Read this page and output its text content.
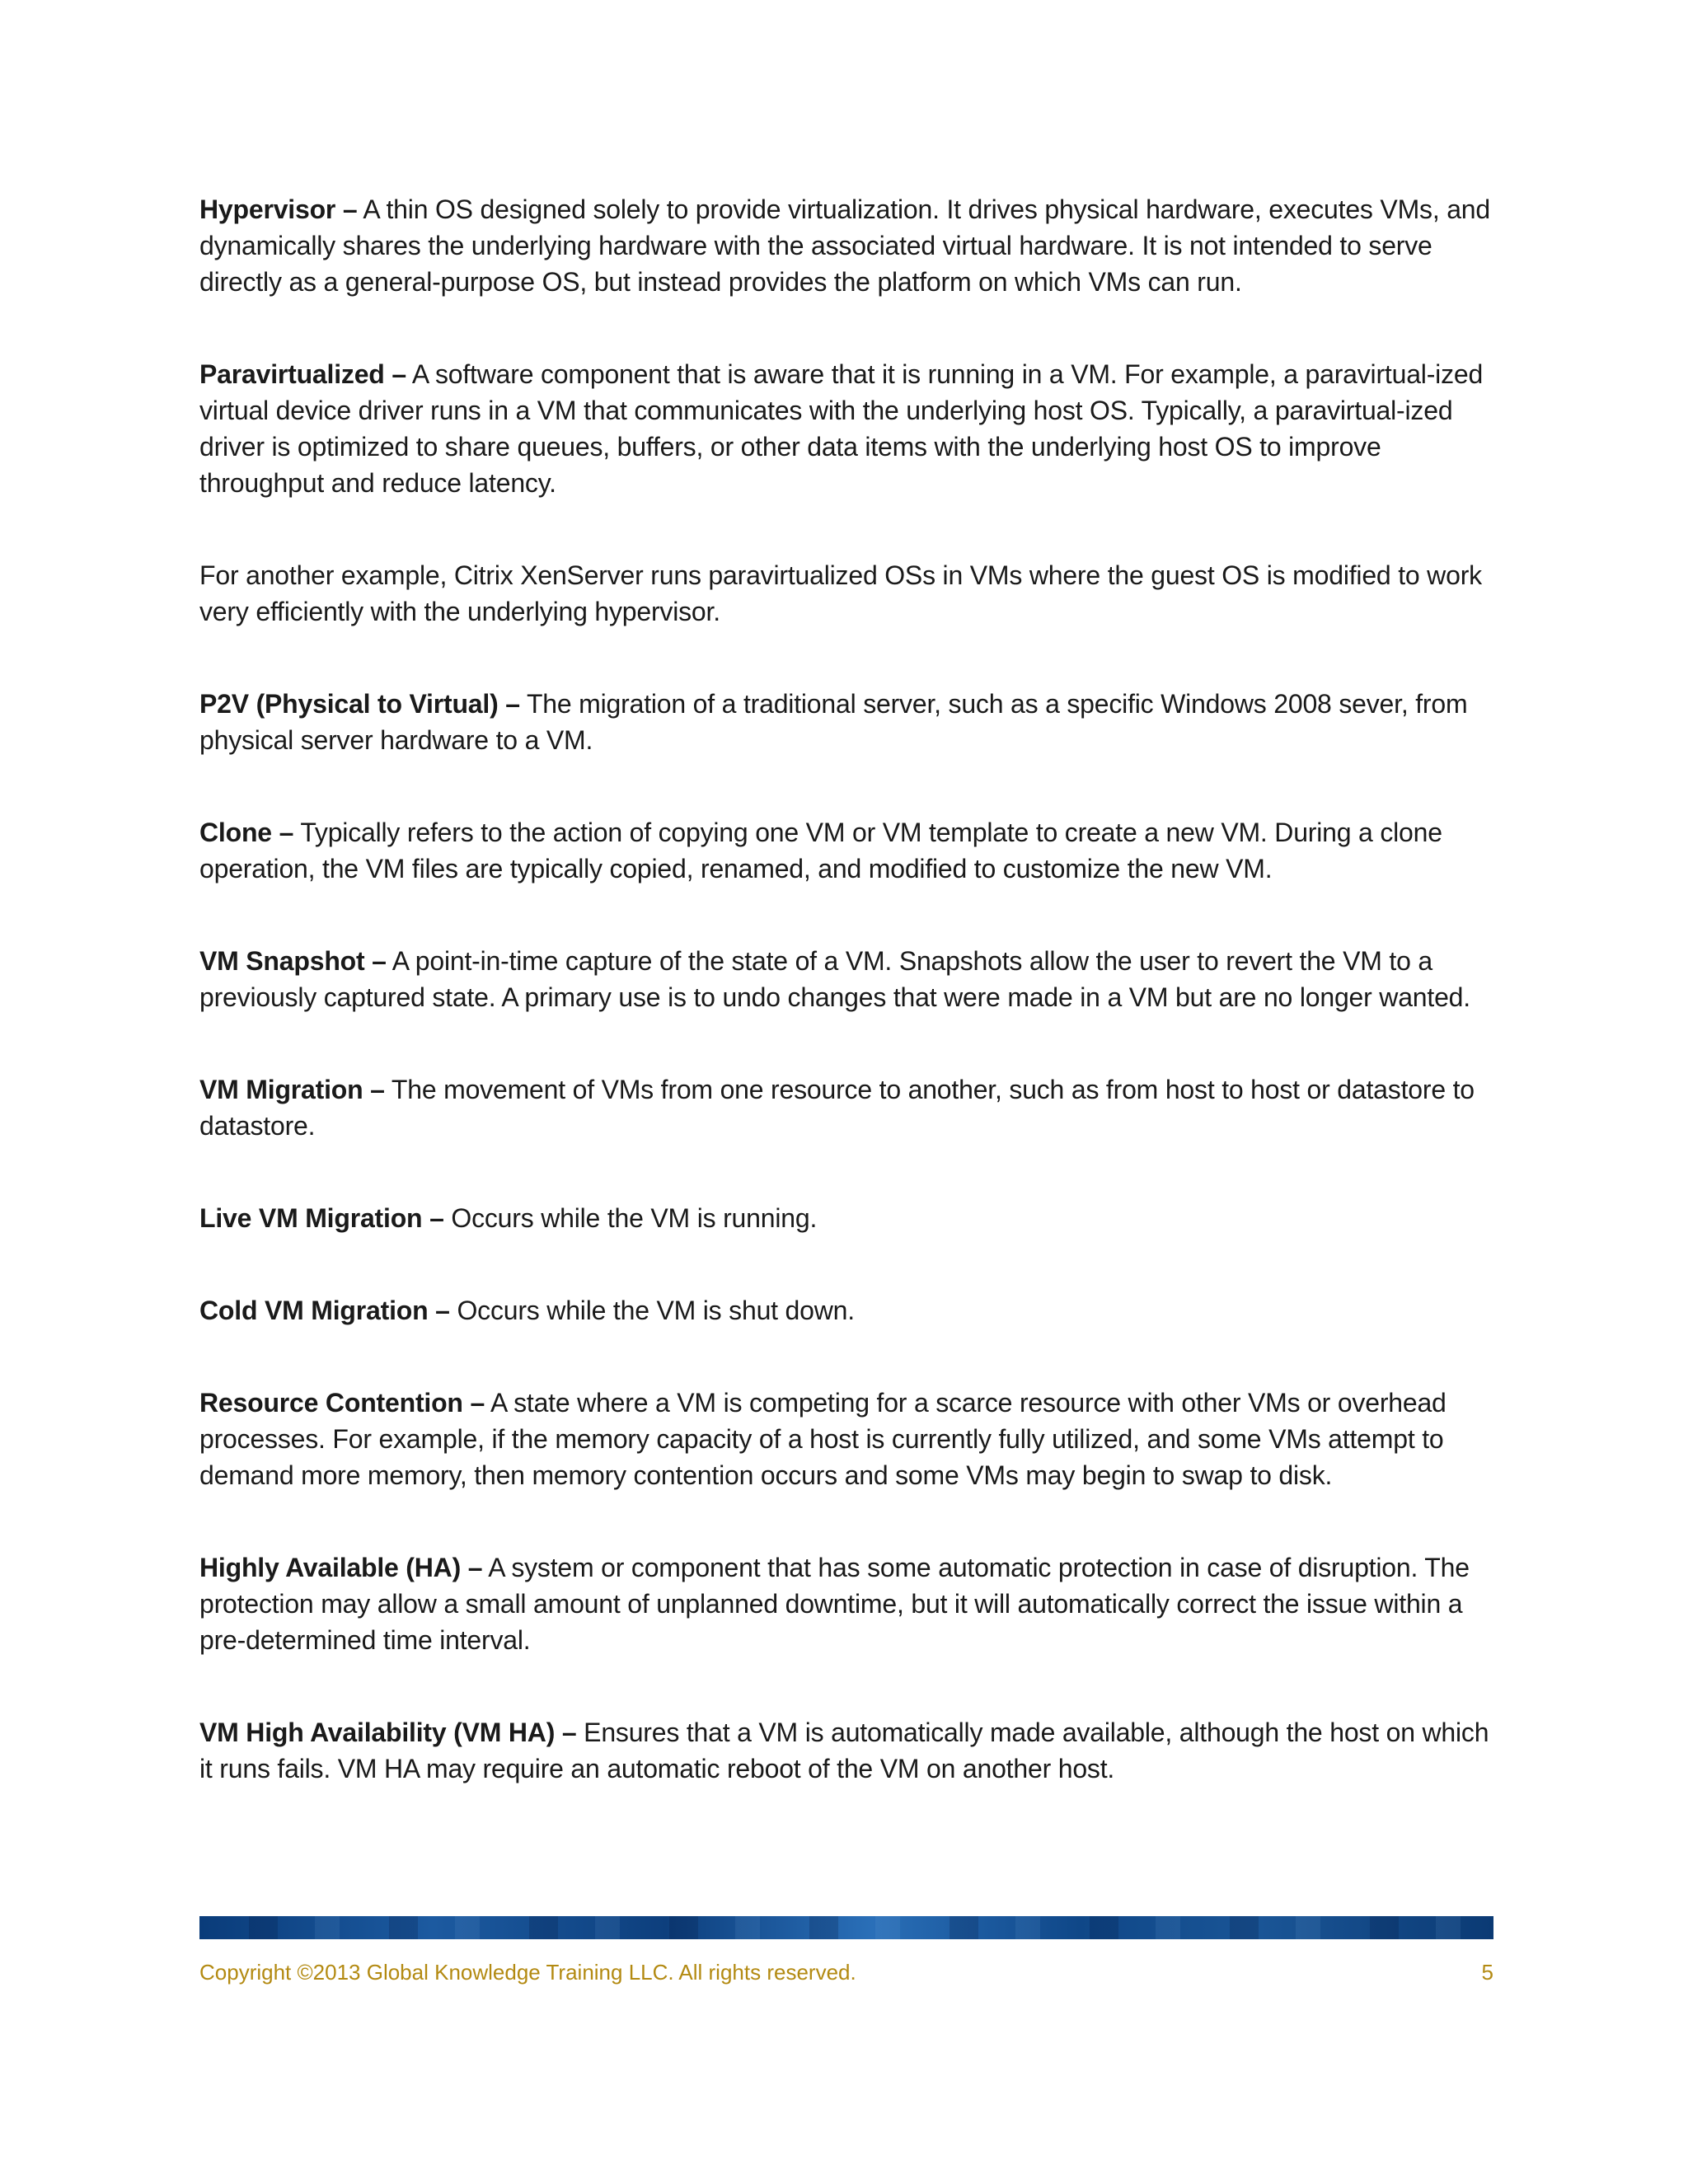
Hypervisor – A thin OS designed solely to provide virtualization. It drives physical hardware, executes VMs, and dynamically shares the underlying hardware with the associated virtual hardware. It is not intended to serve directly as a general-purpose OS, but instead provides the platform on which VMs can run.

Paravirtualized – A software component that is aware that it is running in a VM. For example, a paravirtual-ized virtual device driver runs in a VM that communicates with the underlying host OS. Typically, a paravirtual-ized driver is optimized to share queues, buffers, or other data items with the underlying host OS to improve throughput and reduce latency.

For another example, Citrix XenServer runs paravirtualized OSs in VMs where the guest OS is modified to work very efficiently with the underlying hypervisor.

P2V (Physical to Virtual) – The migration of a traditional server, such as a specific Windows 2008 sever, from physical server hardware to a VM.

Clone – Typically refers to the action of copying one VM or VM template to create a new VM. During a clone operation, the VM files are typically copied, renamed, and modified to customize the new VM.

VM Snapshot – A point-in-time capture of the state of a VM. Snapshots allow the user to revert the VM to a previously captured state. A primary use is to undo changes that were made in a VM but are no longer wanted.

VM Migration – The movement of VMs from one resource to another, such as from host to host or datastore to datastore.

Live VM Migration – Occurs while the VM is running.

Cold VM Migration – Occurs while the VM is shut down.

Resource Contention – A state where a VM is competing for a scarce resource with other VMs or overhead processes. For example, if the memory capacity of a host is currently fully utilized, and some VMs attempt to demand more memory, then memory contention occurs and some VMs may begin to swap to disk.

Highly Available (HA) – A system or component that has some automatic protection in case of disruption. The protection may allow a small amount of unplanned downtime, but it will automatically correct the issue within a pre-determined time interval.

VM High Availability (VM HA) – Ensures that a VM is automatically made available, although the host on which it runs fails. VM HA may require an automatic reboot of the VM on another host.

Copyright ©2013 Global Knowledge Training LLC. All rights reserved.	5
